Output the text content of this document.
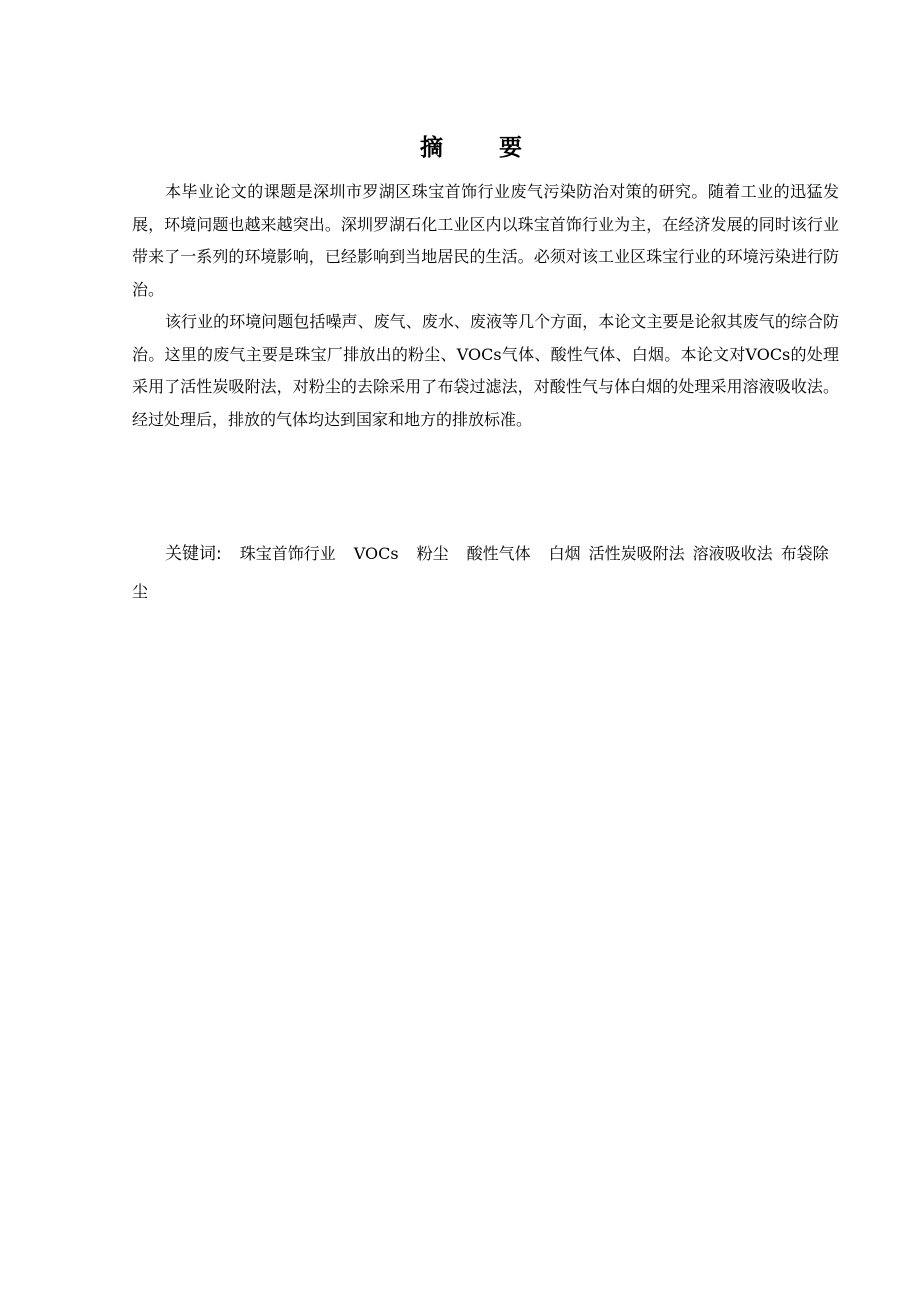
摘 要

本毕业论文的课题是深圳市罗湖区珠宝首饰行业废气污染防治对策的研究。随着工业的迅猛发展，环境问题也越来越突出。深圳罗湖石化工业区内以珠宝首饰行业为主，在经济发展的同时该行业带来了一系列的环境影响，已经影响到当地居民的生活。必须对该工业区珠宝行业的环境污染进行防治。

该行业的环境问题包括噪声、废气、废水、废液等几个方面，本论文主要是论叙其废气的综合防治。这里的废气主要是珠宝厂排放出的粉尘、VOCs气体、酸性气体、白烟。本论文对VOCs的处理采用了活性炭吸附法，对粉尘的去除采用了布袋过滤法，对酸性气与体白烟的处理采用溶液吸收法。经过处理后，排放的气体均达到国家和地方的排放标准。

关键词: 珠宝首饰行业 VOCs 粉尘 酸性气体 白烟 活性炭吸附法 溶液吸收法 布袋除尘
